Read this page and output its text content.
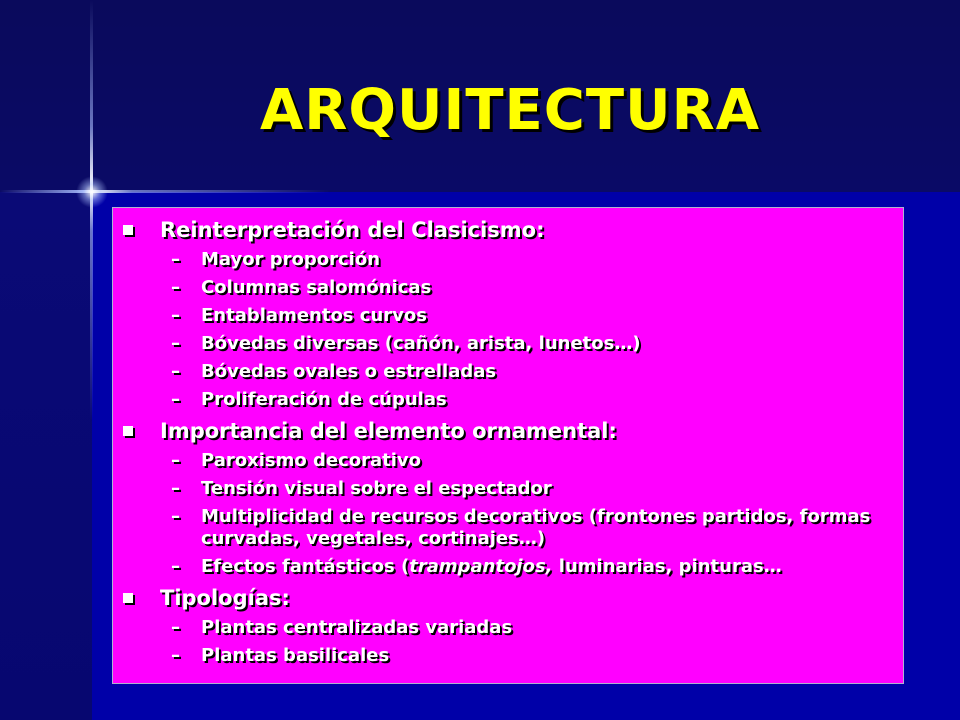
ARQUITECTURA
Reinterpretación del Clasicismo:
– Mayor proporción
– Columnas salomónicas
– Entablamentos curvos
– Bóvedas diversas (cañón, arista, lunetos…)
– Bóvedas ovales o estrelladas
– Proliferación de cúpulas
Importancia del elemento ornamental:
– Paroxismo decorativo
– Tensión visual sobre el espectador
– Multiplicidad de recursos decorativos (frontones partidos, formas curvadas, vegetales, cortinajes…)
– Efectos fantásticos (trampantojos, luminarias, pinturas…
Tipologías:
– Plantas centralizadas variadas
– Plantas basilicales
